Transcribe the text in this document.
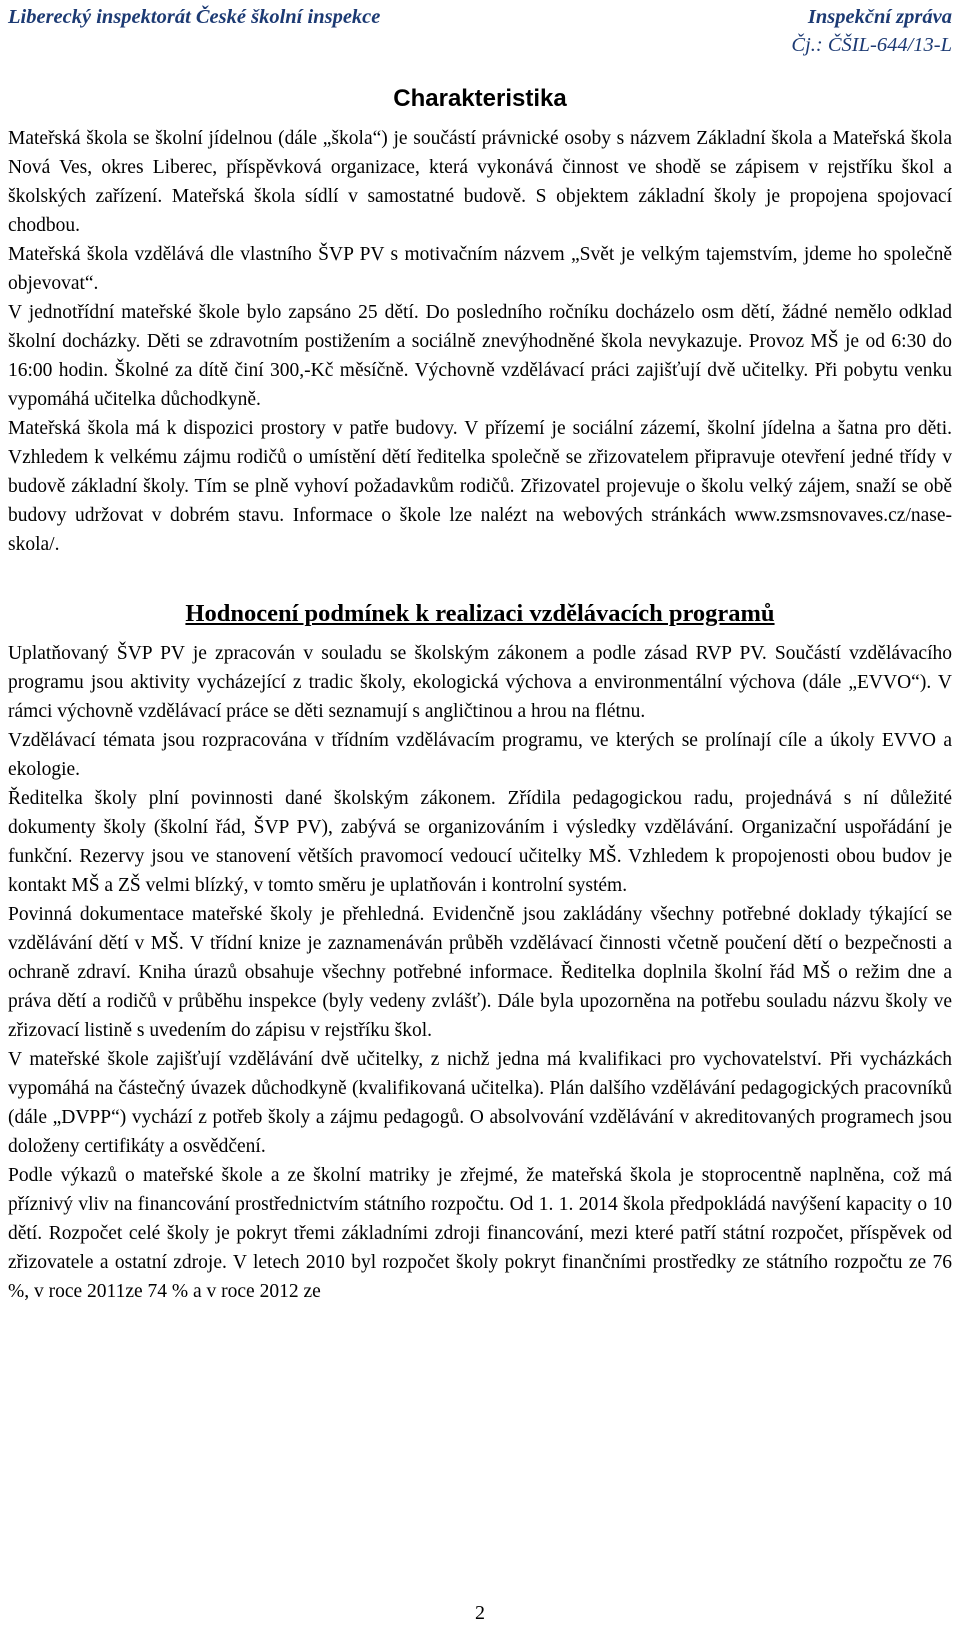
Liberecký inspektorát České školní inspekce	Inspekční zpráva
Čj.: ČŠIL-644/13-L
Charakteristika

Mateřská škola se školní jídelnou (dále „škola“) je součástí právnické osoby s názvem Základní škola a Mateřská škola Nová Ves, okres Liberec, příspěvková organizace, která vykonává činnost ve shodě se zápisem v rejstříku škol a školských zařízení. Mateřská škola sídlí v samostatné budově. S objektem základní školy je propojena spojovací chodbou.

Mateřská škola vzdělává dle vlastního ŠVP PV s motivačním názvem „Svět je velkým tajemstvím, jdeme ho společně objevovat“.

V jednotřídní mateřské škole bylo zapsáno 25 dětí. Do posledního ročníku docházelo osm dětí, žádné nemělo odklad školní docházky. Děti se zdravotním postižením a sociálně znevýhodněné škola nevykazuje. Provoz MŠ je od 6:30 do 16:00 hodin. Školné za dítě činí 300,-Kč měsíčně. Výchovně vzdělávací práci zajišťují dvě učitelky. Při pobytu venku vypomáhá učitelka důchodkyně.

Mateřská škola má k dispozici prostory v patře budovy. V přízemí je sociální zázemí, školní jídelna a šatna pro děti. Vzhledem k velkému zájmu rodičů o umístění dětí ředitelka společně se zřizovatelem připravuje otevření jedné třídy v budově základní školy. Tím se plně vyhoví požadavkům rodičů. Zřizovatel projevuje o školu velký zájem, snaží se obě budovy udržovat v dobrém stavu. Informace o škole lze nalézt na webových stránkách www.zsmsnovaves.cz/nase-skola/.

Hodnocení podmínek k realizaci vzdělávacích programů

Uplatňovaný ŠVP PV je zpracován v souladu se školským zákonem a podle zásad RVP PV. Součástí vzdělávacího programu jsou aktivity vycházející z tradic školy, ekologická výchova a environmentální výchova (dále „EVVO“). V rámci výchovně vzdělávací práce se děti seznamují s angličtinou a hrou na flétnu.

Vzdělávací témata jsou rozpracována v třídním vzdělávacím programu, ve kterých se prolínají cíle a úkoly EVVO a ekologie.

Ředitelka školy plní povinnosti dané školským zákonem. Zřídila pedagogickou radu, projednává s ní důležité dokumenty školy (školní řád, ŠVP PV), zabývá se organizováním i výsledky vzdělávání. Organizační uspořádání je funkční. Rezervy jsou ve stanovení větších pravomocí vedoucí učitelky MŠ. Vzhledem k propojenosti obou budov je kontakt MŠ a ZŠ velmi blízký, v tomto směru je uplatňován i kontrolní systém.

Povinná dokumentace mateřské školy je přehledná. Evidenčně jsou zakládány všechny potřebné doklady týkající se vzdělávání dětí v MŠ. V třídní knize je zaznamenáván průběh vzdělávací činnosti včetně poučení dětí o bezpečnosti a ochraně zdraví. Kniha úrazů obsahuje všechny potřebné informace. Ředitelka doplnila školní řád MŠ o režim dne a práva dětí a rodičů v průběhu inspekce (byly vedeny zvlášť). Dále byla upozorněna na potřebu souladu názvu školy ve zřizovací listině s uvedením do zápisu v rejstříku škol.

V mateřské škole zajišťují vzdělávání dvě učitelky, z nichž jedna má kvalifikaci pro vychovatelství. Při vycházkách vypomáhá na částečný úvazek důchodkyně (kvalifikovaná učitelka). Plán dalšího vzdělávání pedagogických pracovníků (dále „DVPP“) vychází z potřeb školy a zájmu pedagogů. O absolvování vzdělávání v akreditovaných programech jsou doloženy certifikáty a osvědčení.

Podle výkazů o mateřské škole a ze školní matriky je zřejmé, že mateřská škola je stoprocentně naplněna, což má příznivý vliv na financování prostřednictvím státního rozpočtu. Od 1. 1. 2014 škola předpokládá navýšení kapacity o 10 dětí. Rozpočet celé školy je pokryt třemi základními zdroji financování, mezi které patří státní rozpočet, příspěvek od zřizovatele a ostatní zdroje. V letech 2010 byl rozpočet školy pokryt finančními prostředky ze státního rozpočtu ze 76 %, v roce 2011ze 74 % a v roce 2012 ze

2
